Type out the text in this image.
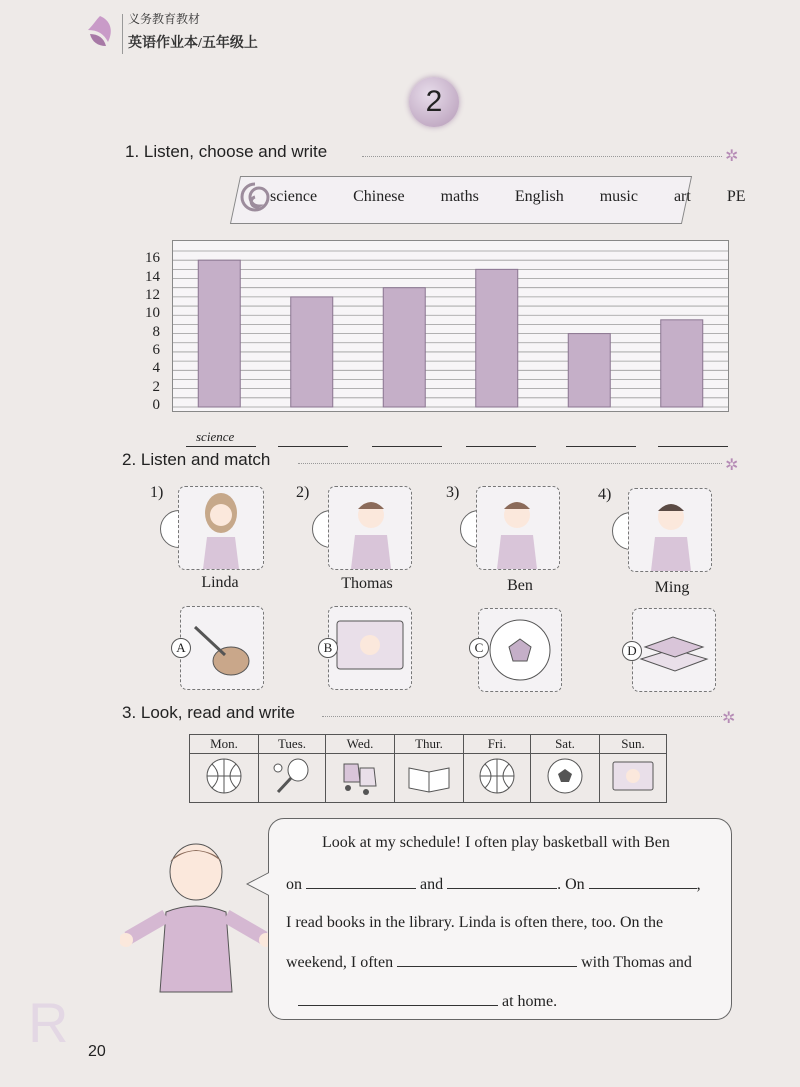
义务教育教材
英语作业本/五年级上
2
1. Listen, choose and write	✲
science   Chinese   maths   English   music   art   PE
16
14
12
10
8
6
4
2
0
science
2. Listen and match	✲
1)
Linda
2)
Thomas
3)
Ben
4)
Ming
A	B	C	D
3. Look, read and write	✲
Mon.	Tues.	Wed.	Thur.	Fri.	Sat.	Sun.

Look at my schedule! I often play basketball with Ben
on	and	. On	,
I read books in the library. Linda is often there, too. On the
weekend, I often	with Thomas and
at home.
R 20
